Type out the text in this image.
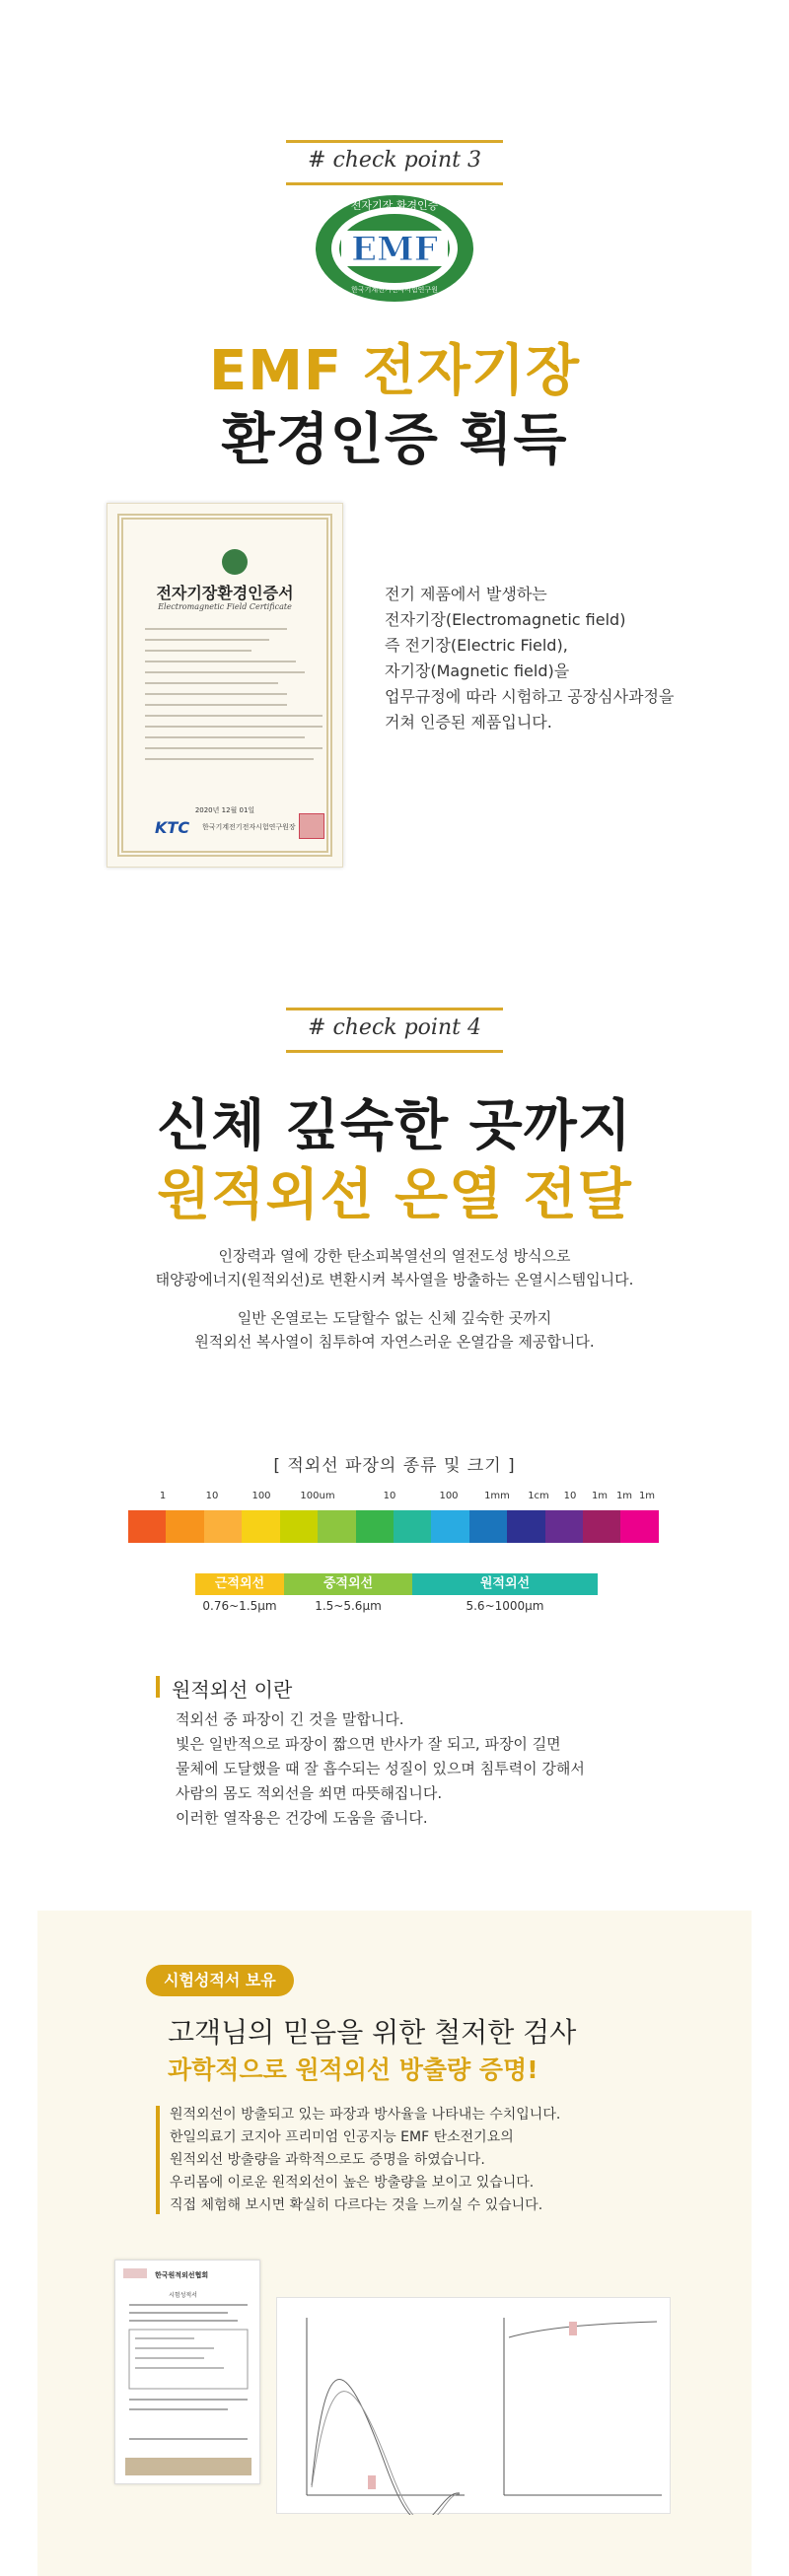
# check point 3
EMF
전자기장 환경인증
한국기계전기전자시험연구원
EMF 전자기장
환경인증 획득
전자기장환경인증서
Electromagnetic Field Certificate
2020년 12월 01일
KTC 한국기계전기전자시험연구원장
전기 제품에서 발생하는
전자기장(Electromagnetic field)
즉 전기장(Electric Field),
자기장(Magnetic field)을
업무규정에 따라 시험하고 공장심사과정을
거쳐 인증된 제품입니다.
# check point 4
신체 깊숙한 곳까지
원적외선 온열 전달
인장력과 열에 강한 탄소피복열선의 열전도성 방식으로
태양광에너지(원적외선)로 변환시켜 복사열을 방출하는 온열시스템입니다.
일반 온열로는 도달할수 없는 신체 깊숙한 곳까지
원적외선 복사열이 침투하여 자연스러운 온열감을 제공합니다.
[ 적외선 파장의 종류 및 크기 ]
1	10	100	100um	10	100	1mm 1cm 10 1m 1m 1m
근적외선	중적외선	원적외선
0.76~1.5μm	1.5~5.6μm	5.6~1000μm
원적외선 이란
적외선 중 파장이 긴 것을 말합니다.
빛은 일반적으로 파장이 짧으면 반사가 잘 되고, 파장이 길면
물체에 도달했을 때 잘 흡수되는 성질이 있으며 침투력이 강해서
사람의 몸도 적외선을 쐬면 따뜻해집니다.
이러한 열작용은 건강에 도움을 줍니다.
시험성적서 보유
고객님의 믿음을 위한 철저한 검사
과학적으로 원적외선 방출량 증명!
원적외선이 방출되고 있는 파장과 방사율을 나타내는 수치입니다.
한일의료기 코지아 프리미엄 인공지능 EMF 탄소전기요의
원적외선 방출량을 과학적으로도 증명을 하였습니다.
우리몸에 이로운 원적외선이 높은 방출량을 보이고 있습니다.
직접 체험해 보시면 확실히 다르다는 것을 느끼실 수 있습니다.
한국원적외선협회
시험성적서
